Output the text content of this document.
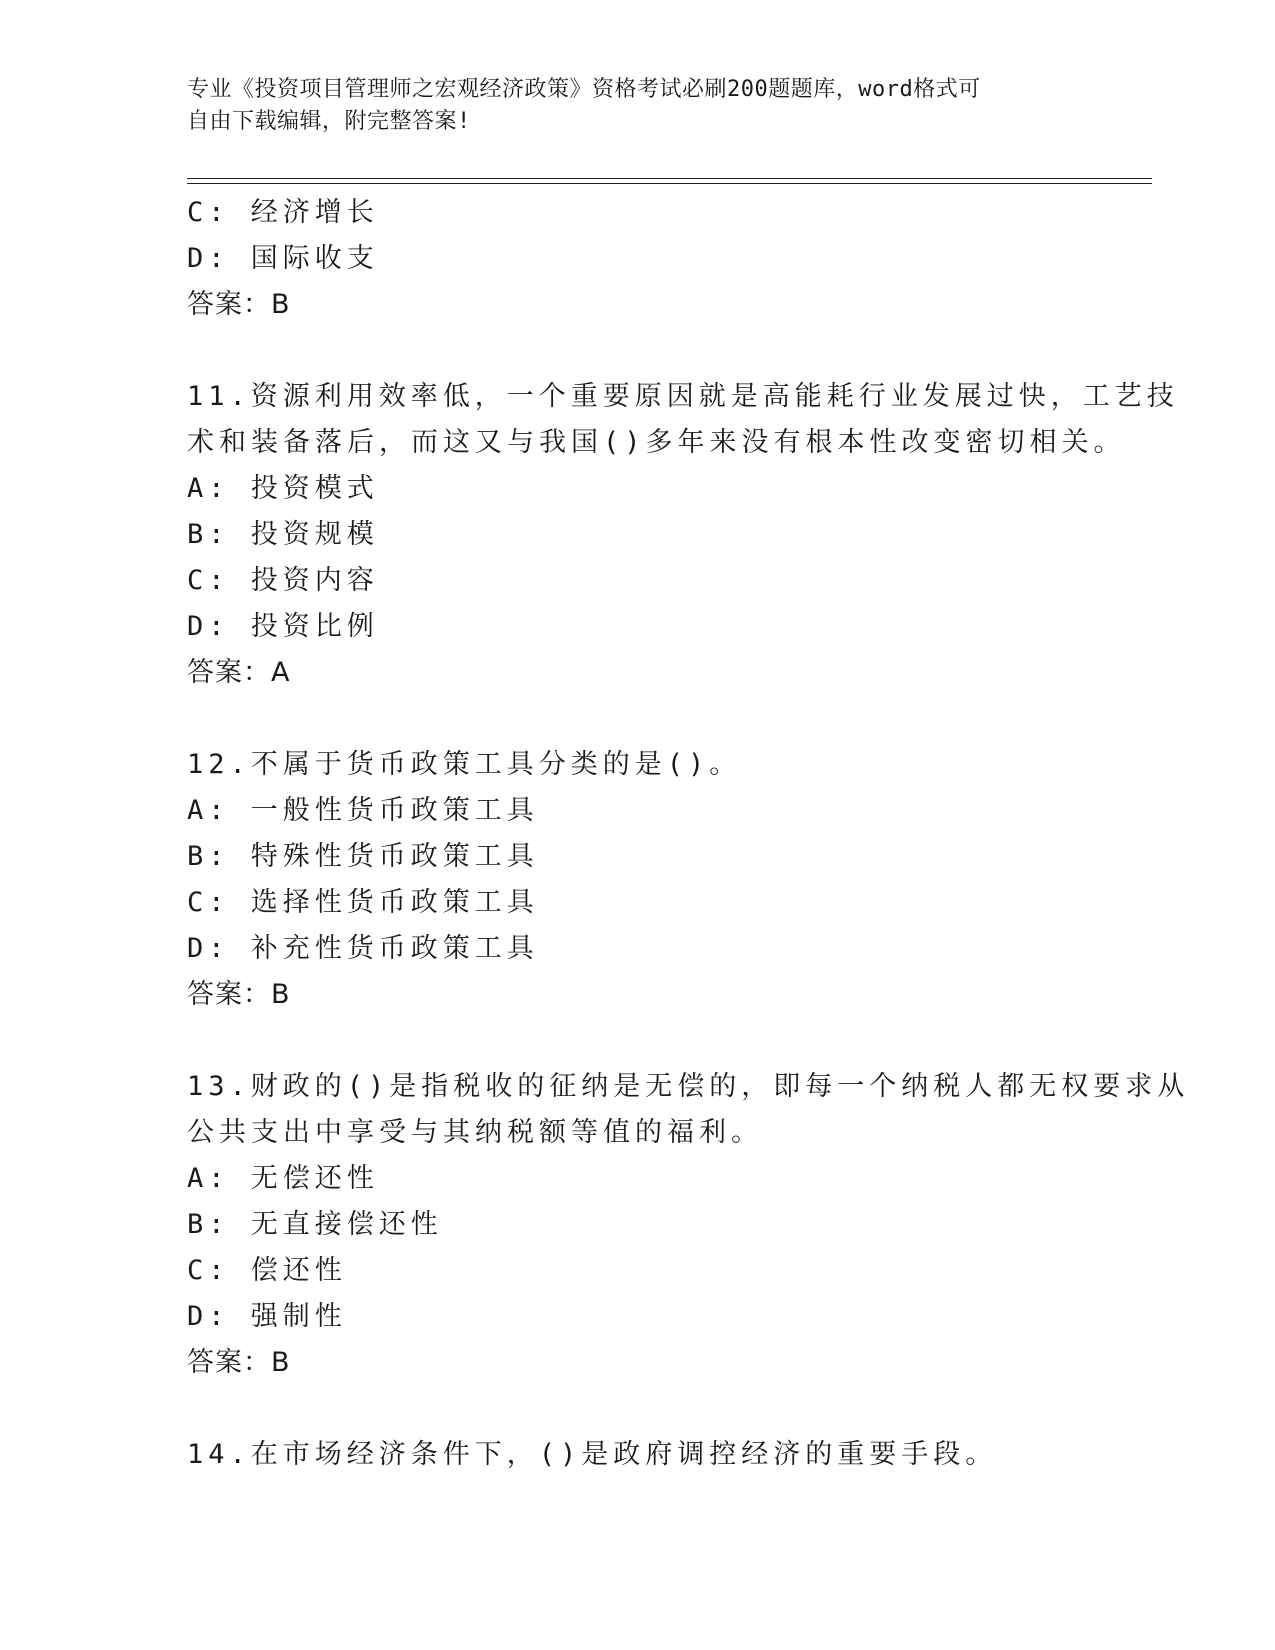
专业《投资项目管理师之宏观经济政策》资格考试必刷200题题库，word格式可
自由下载编辑，附完整答案!
C: 经济增长
D: 国际收支
答案：B
11.资源利用效率低，一个重要原因就是高能耗行业发展过快，工艺技
术和装备落后，而这又与我国()多年来没有根本性改变密切相关。
A: 投资模式
B: 投资规模
C: 投资内容
D: 投资比例
答案：A
12.不属于货币政策工具分类的是()。
A: 一般性货币政策工具
B: 特殊性货币政策工具
C: 选择性货币政策工具
D: 补充性货币政策工具
答案：B
13.财政的()是指税收的征纳是无偿的，即每一个纳税人都无权要求从
公共支出中享受与其纳税额等值的福利。
A: 无偿还性
B: 无直接偿还性
C: 偿还性
D: 强制性
答案：B
14.在市场经济条件下，()是政府调控经济的重要手段。
